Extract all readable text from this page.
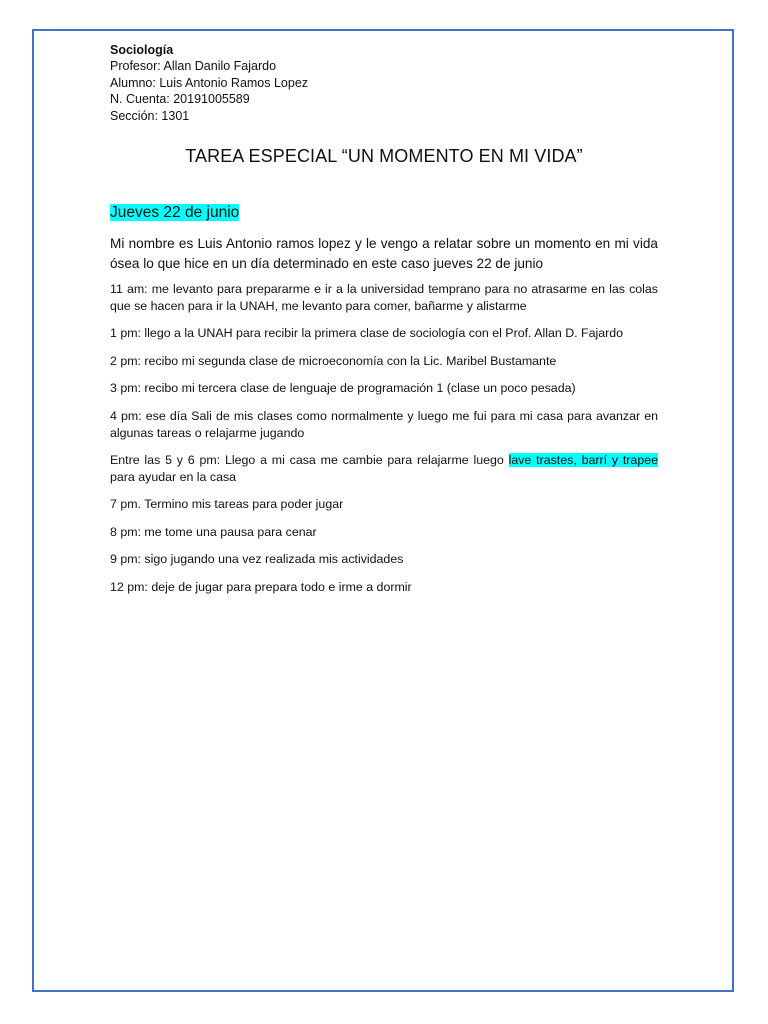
Sociología
Profesor: Allan Danilo Fajardo
Alumno: Luis Antonio Ramos Lopez
N. Cuenta: 20191005589
Sección: 1301
TAREA ESPECIAL “UN MOMENTO EN MI VIDA”
Jueves 22 de junio
Mi nombre es Luis Antonio ramos lopez y le vengo a relatar sobre un momento en mi vida ósea lo que hice en un día determinado en este caso jueves 22 de junio
11 am: me levanto para prepararme e ir a la universidad temprano para no atrasarme en las colas que se hacen para ir la UNAH, me levanto para comer, bañarme y alistarme
1 pm: llego a la UNAH para recibir la primera clase de sociología con el Prof. Allan D. Fajardo
2 pm: recibo mi segunda clase de microeconomía con la Lic. Maribel Bustamante
3 pm: recibo mi tercera clase de lenguaje de programación 1 (clase un poco pesada)
4 pm: ese día Sali de mis clases como normalmente y luego me fui para mi casa para avanzar en algunas tareas o relajarme jugando
Entre las 5 y 6 pm: Llego a mi casa me cambie para relajarme luego lave trastes, barrí y trapee para ayudar en la casa
7 pm. Termino mis tareas para poder jugar
8 pm: me tome una pausa para cenar
9 pm: sigo jugando una vez realizada mis actividades
12 pm: deje de jugar para prepara todo e irme a dormir
